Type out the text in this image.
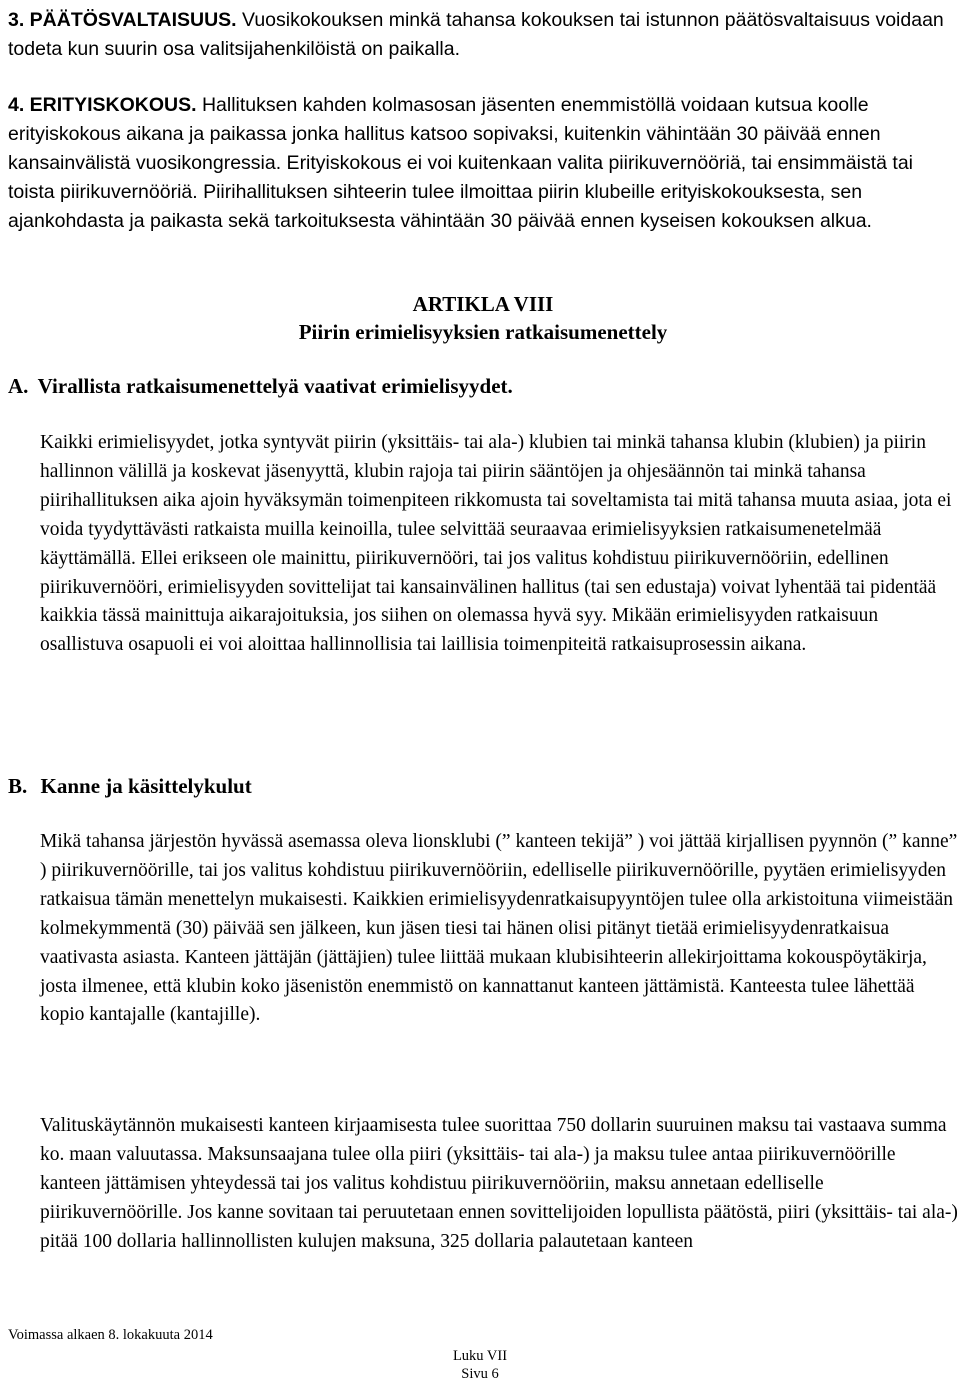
3. PÄÄTÖSVALTAISUUS. Vuosikokouksen minkä tahansa kokouksen tai istunnon päätösvaltaisuus voidaan todeta kun suurin osa valitsijahenkilöistä on paikalla.

4. ERITYISKOKOUS. Hallituksen kahden kolmasosan jäsenten enemmistöllä voidaan kutsua koolle erityiskokous aikana ja paikassa jonka hallitus katsoo sopivaksi, kuitenkin vähintään 30 päivää ennen kansainvälistä vuosikongressia. Erityiskokous ei voi kuitenkaan valita piirikuvernööriä, tai ensimmäistä tai toista piirikuvernööriä. Piirihallituksen sihteerin tulee ilmoittaa piirin klubeille erityiskokouksesta, sen ajankohdasta ja paikasta sekä tarkoituksesta vähintään 30 päivää ennen kyseisen kokouksen alkua.

ARTIKLA VIII
Piirin erimielisyyksien ratkaisumenettely
A. Virallista ratkaisumenettelyä vaativat erimielisyydet.

Kaikki erimielisyydet, jotka syntyvät piirin (yksittäis- tai ala-) klubien tai minkä tahansa klubin (klubien) ja piirin hallinnon välillä ja koskevat jäsenyyttä, klubin rajoja tai piirin sääntöjen ja ohjesäännön tai minkä tahansa piirihallituksen aika ajoin hyväksymän toimenpiteen rikkomusta tai soveltamista tai mitä tahansa muuta asiaa, jota ei voida tyydyttävästi ratkaista muilla keinoilla, tulee selvittää seuraavaa erimielisyyksien ratkaisumenetelmää käyttämällä. Ellei erikseen ole mainittu, piirikuvernööri, tai jos valitus kohdistuu piirikuvernööriin, edellinen piirikuvernööri, erimielisyyden sovittelijat tai kansainvälinen hallitus (tai sen edustaja) voivat lyhentää tai pidentää kaikkia tässä mainittuja aikarajoituksia, jos siihen on olemassa hyvä syy. Mikään erimielisyyden ratkaisuun osallistuva osapuoli ei voi aloittaa hallinnollisia tai laillisia toimenpiteitä ratkaisuprosessin aikana.

B. Kanne ja käsittelykulut

Mikä tahansa järjestön hyvässä asemassa oleva lionsklubi (” kanteen tekijä” ) voi jättää kirjallisen pyynnön (” kanne” ) piirikuvernöörille, tai jos valitus kohdistuu piirikuvernööriin, edelliselle piirikuvernöörille, pyytäen erimielisyyden ratkaisua tämän menettelyn mukaisesti. Kaikkien erimielisyydenratkaisupyyntöjen tulee olla arkistoituna viimeistään kolmekymmentä (30) päivää sen jälkeen, kun jäsen tiesi tai hänen olisi pitänyt tietää erimielisyydenratkaisua vaativasta asiasta. Kanteen jättäjän (jättäjien) tulee liittää mukaan klubisihteerin allekirjoittama kokouspöytäkirja, josta ilmenee, että klubin koko jäsenistön enemmistö on kannattanut kanteen jättämistä. Kanteesta tulee lähettää kopio kantajalle (kantajille).

Valituskäytännön mukaisesti kanteen kirjaamisesta tulee suorittaa 750 dollarin suuruinen maksu tai vastaava summa ko. maan valuutassa. Maksunsaajana tulee olla piiri (yksittäis- tai ala-) ja maksu tulee antaa piirikuvernöörille kanteen jättämisen yhteydessä tai jos valitus kohdistuu piirikuvernööriin, maksu annetaan edelliselle piirikuvernöörille. Jos kanne sovitaan tai peruutetaan ennen sovittelijoiden lopullista päätöstä, piiri (yksittäis- tai ala-) pitää 100 dollaria hallinnollisten kulujen maksuna, 325 dollaria palautetaan kanteen

Voimassa alkaen 8. lokakuuta 2014
Luku VII
Sivu 6
